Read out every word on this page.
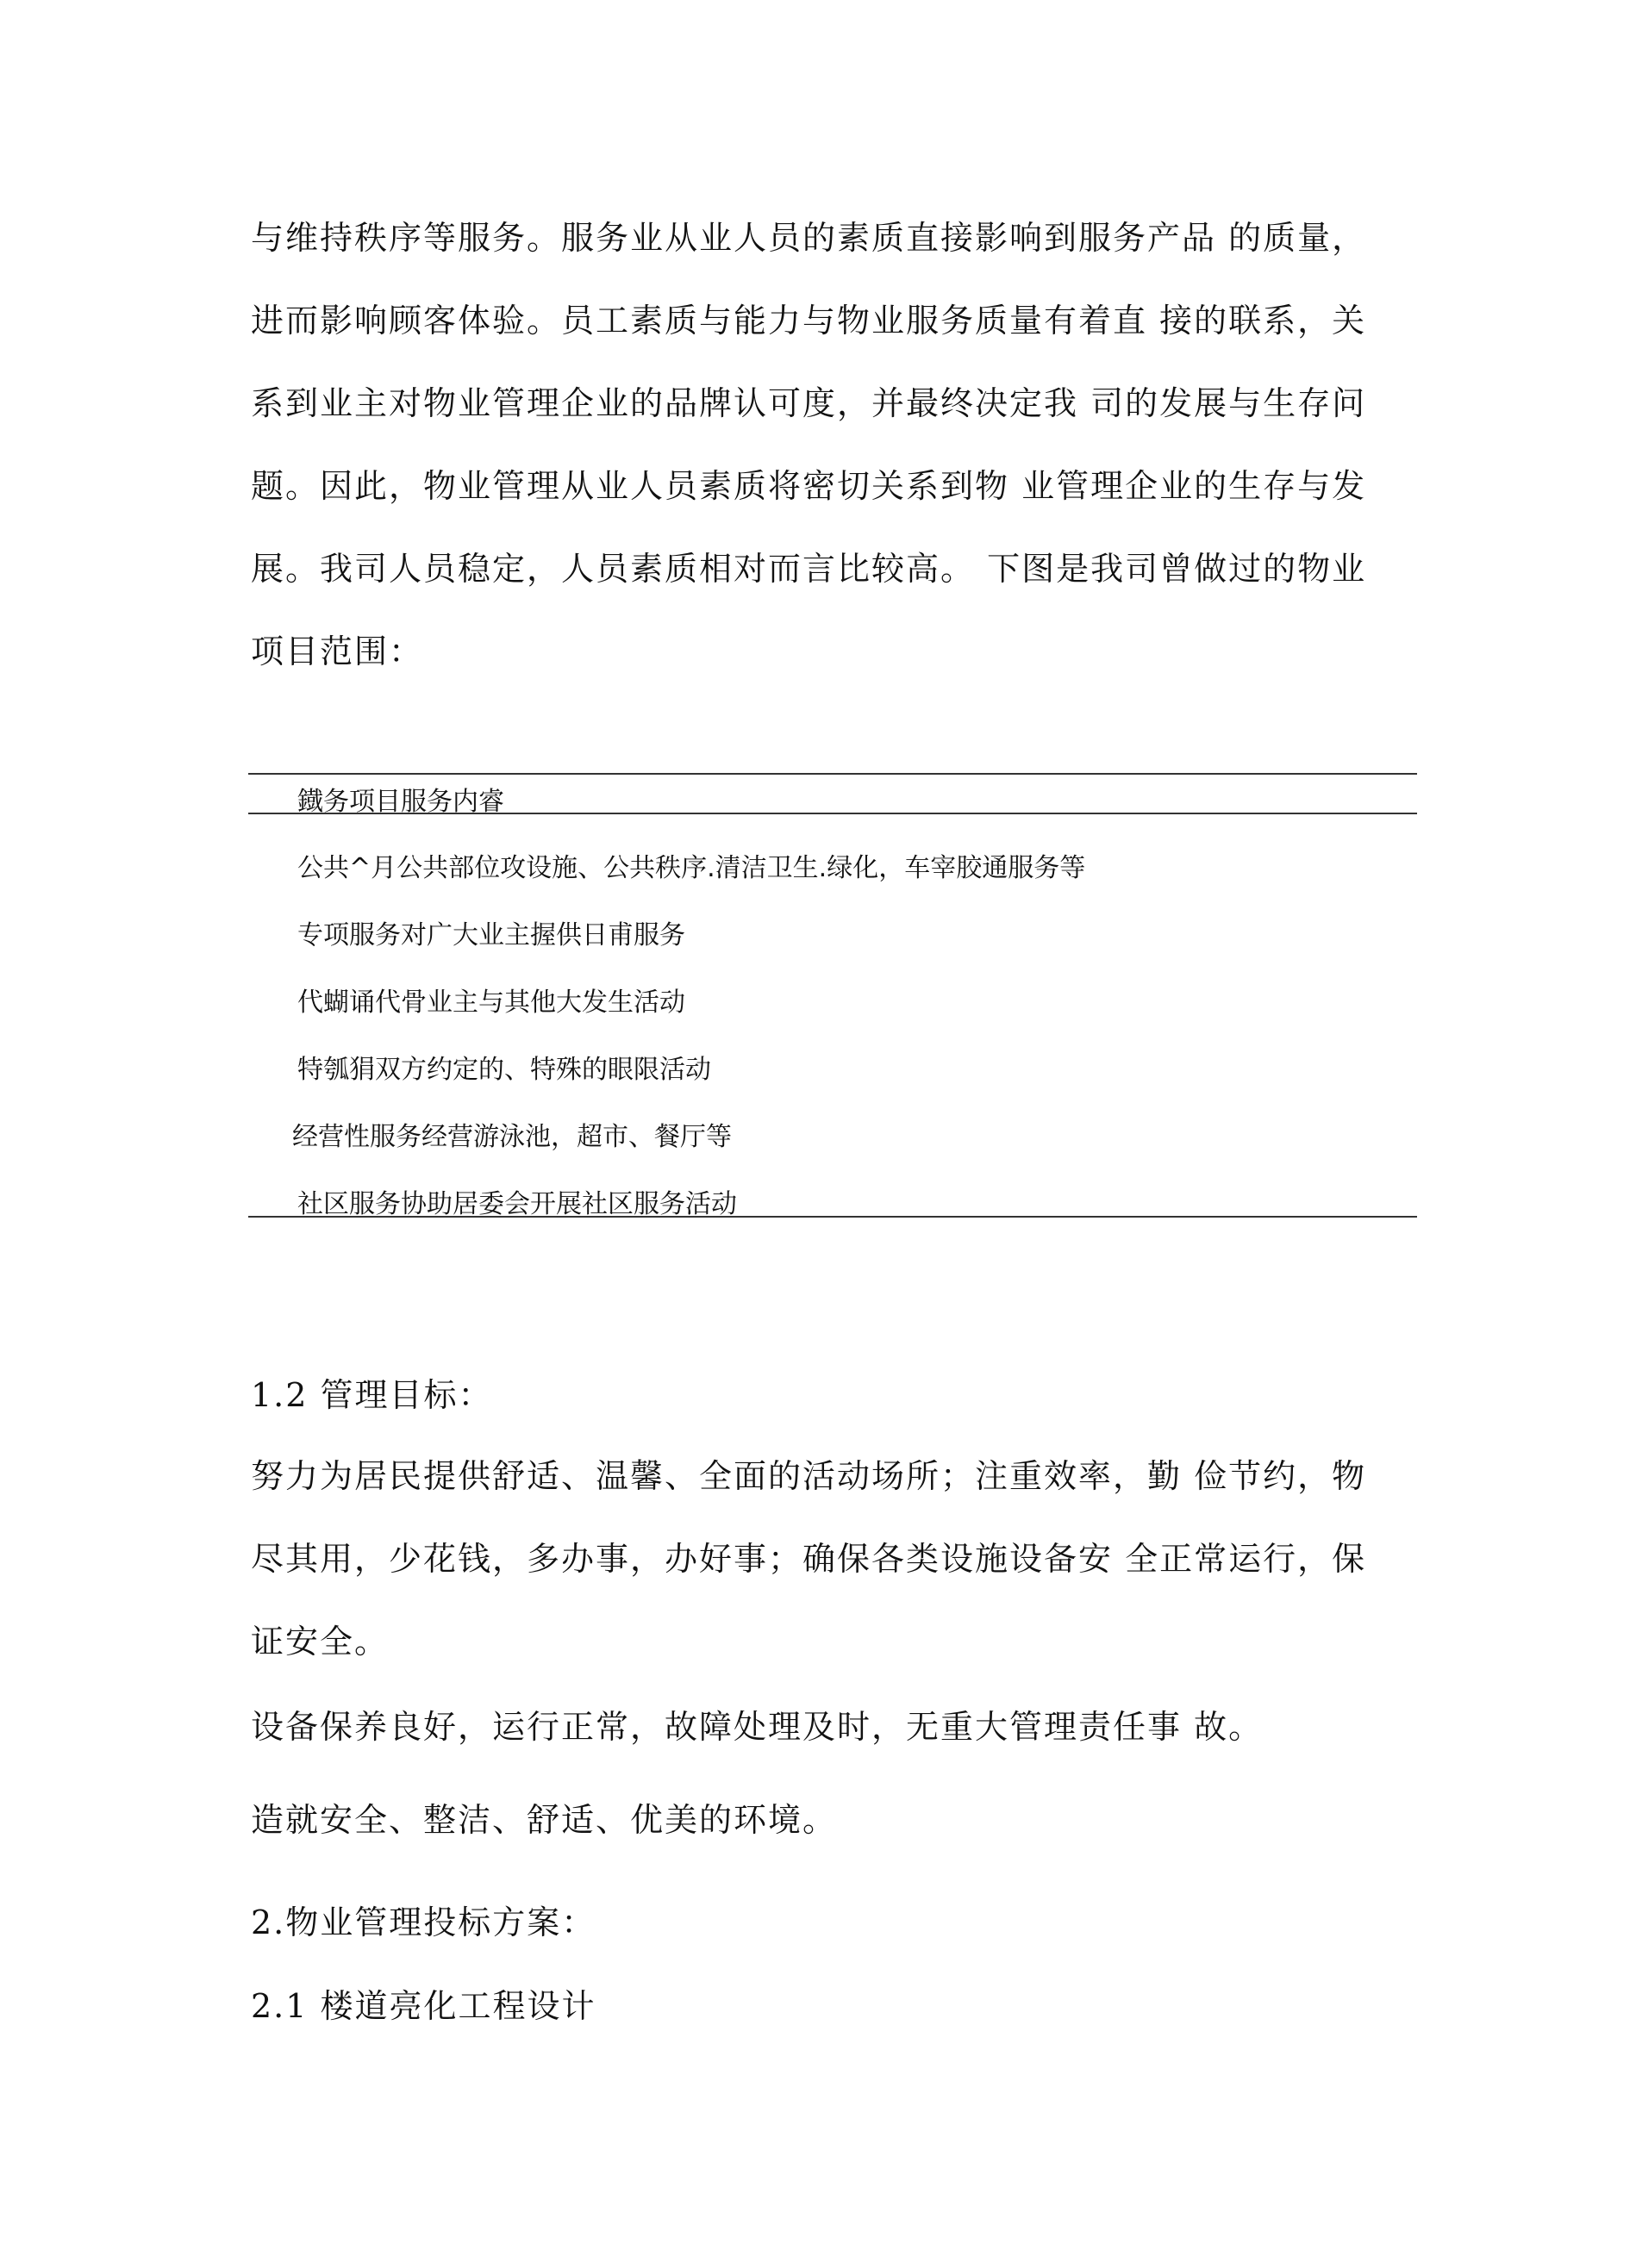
与维持秩序等服务。服务业从业人员的素质直接影响到服务产品 的质量，
进而影响顾客体验。员工素质与能力与物业服务质量有着直 接的联系，关
系到业主对物业管理企业的品牌认可度，并最终决定我 司的发展与生存问
题。因此，物业管理从业人员素质将密切关系到物 业管理企业的生存与发
展。我司人员稳定，人员素质相对而言比较高。 下图是我司曾做过的物业
项目范围：
鐡务项目服务内睿
公共^月公共部位攻设施、公共秩序.清洁卫生.绿化，车宰胶通服务等
专项服务对广大业主握供日甫服务
代蝴诵代骨业主与其他大发生活动
特瓠狷双方约定的、特殊的眼限活动
经营性服务经营游泳池，超市、餐厅等
社区服务协助居委会开展社区服务活动
1.2 管理目标：
努力为居民提供舒适、温馨、全面的活动场所；注重效率，勤 俭节约，物
尽其用，少花钱，多办事，办好事；确保各类设施设备安 全正常运行，保
证安全。
设备保养良好，运行正常，故障处理及时，无重大管理责任事 故。
造就安全、整洁、舒适、优美的环境。
2.物业管理投标方案：
2.1 楼道亮化工程设计
